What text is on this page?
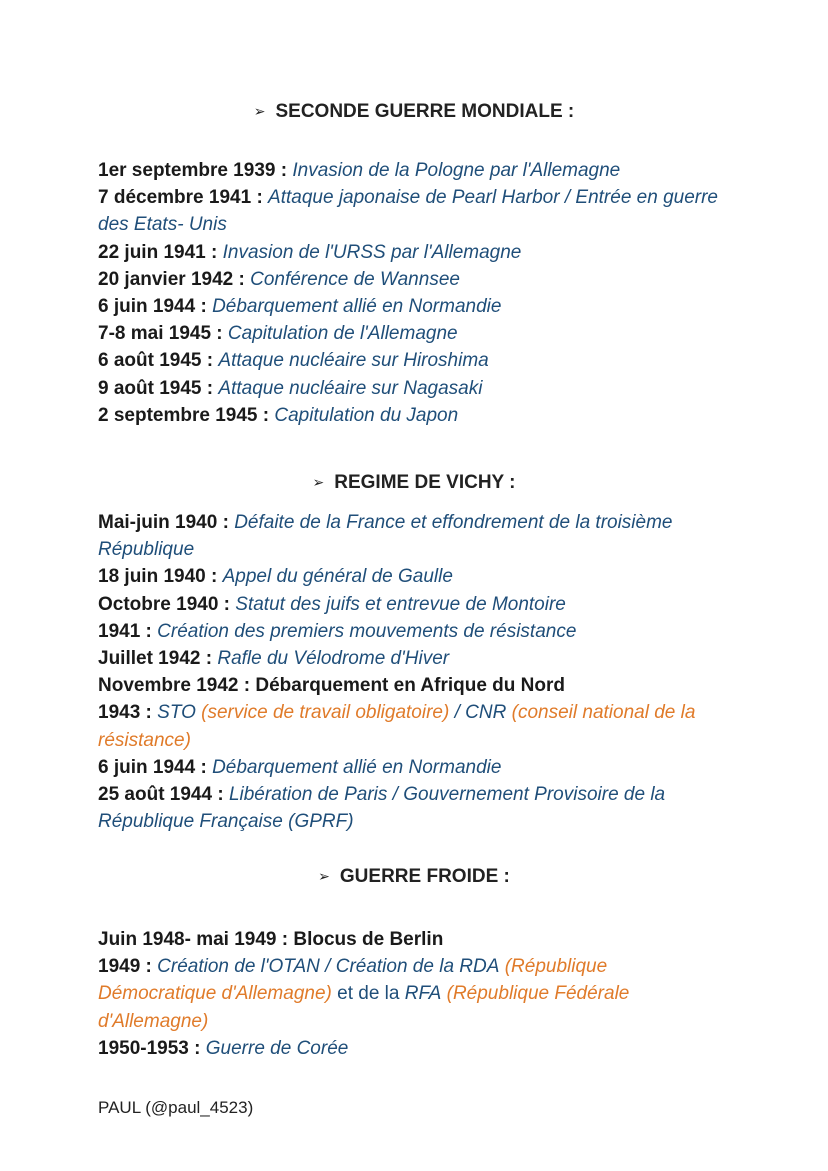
➢ SECONDE GUERRE MONDIALE :
1er septembre 1939 : Invasion de la Pologne par l'Allemagne
7 décembre 1941 : Attaque japonaise de Pearl Harbor / Entrée en guerre des Etats- Unis
22 juin 1941 : Invasion de l'URSS par l'Allemagne
20 janvier 1942 : Conférence de Wannsee
6 juin 1944 : Débarquement allié en Normandie
7-8 mai 1945 : Capitulation de l'Allemagne
6 août 1945 : Attaque nucléaire sur Hiroshima
9 août 1945 : Attaque nucléaire sur Nagasaki
2 septembre 1945 : Capitulation du Japon
➢ REGIME DE VICHY :
Mai-juin 1940 : Défaite de la France et effondrement de la troisième
République
18 juin 1940 : Appel du général de Gaulle
Octobre 1940 : Statut des juifs et entrevue de Montoire
1941 : Création des premiers mouvements de résistance
Juillet 1942 : Rafle du Vélodrome d'Hiver
Novembre 1942 : Débarquement en Afrique du Nord
1943 : STO (service de travail obligatoire) / CNR (conseil national de la
résistance)
6 juin 1944 : Débarquement allié en Normandie
25 août 1944 : Libération de Paris / Gouvernement Provisoire de la
République Française (GPRF)
➢ GUERRE FROIDE :
Juin 1948- mai 1949 : Blocus de Berlin
1949 : Création de l'OTAN / Création de la RDA (République
Démocratique d'Allemagne) et de la RFA (République Fédérale
d'Allemagne)
1950-1953 : Guerre de Corée
PAUL (@paul_4523)
